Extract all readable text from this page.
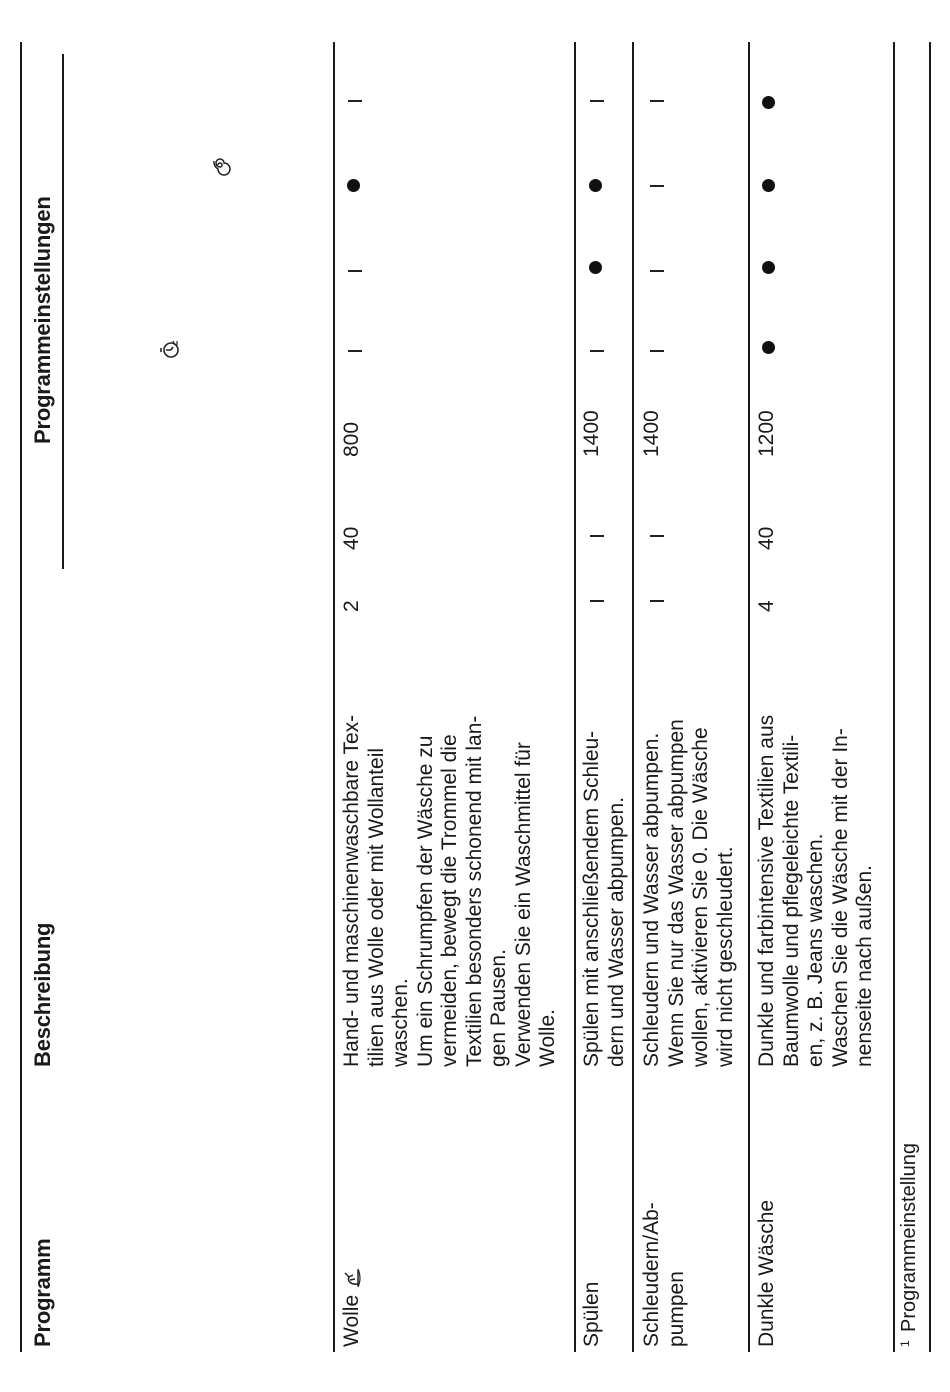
Programm
Beschreibung
Programmeinstellungen
Wolle
Hand- und maschinenwaschbare Tex- tilien aus Wolle oder mit Wollanteil waschen. Um ein Schrumpfen der Wäsche zu vermeiden, bewegt die Trommel die Textilien besonders schonend mit lan- gen Pausen. Verwenden Sie ein Waschmittel für Wolle.
2
40
800
Spülen
Spülen mit anschließendem Schleu- dern und Wasser abpumpen.
1400
Schleudern/Ab- pumpen
Schleudern und Wasser abpumpen. Wenn Sie nur das Wasser abpumpen wollen, aktivieren Sie 0. Die Wäsche wird nicht geschleudert.
1400
Dunkle Wäsche
Dunkle und farbintensive Textilien aus Baumwolle und pflegeleichte Textili- en, z. B. Jeans waschen. Waschen Sie die Wäsche mit der In- nenseite nach außen.
4
40
1200
1
Programmeinstellung
